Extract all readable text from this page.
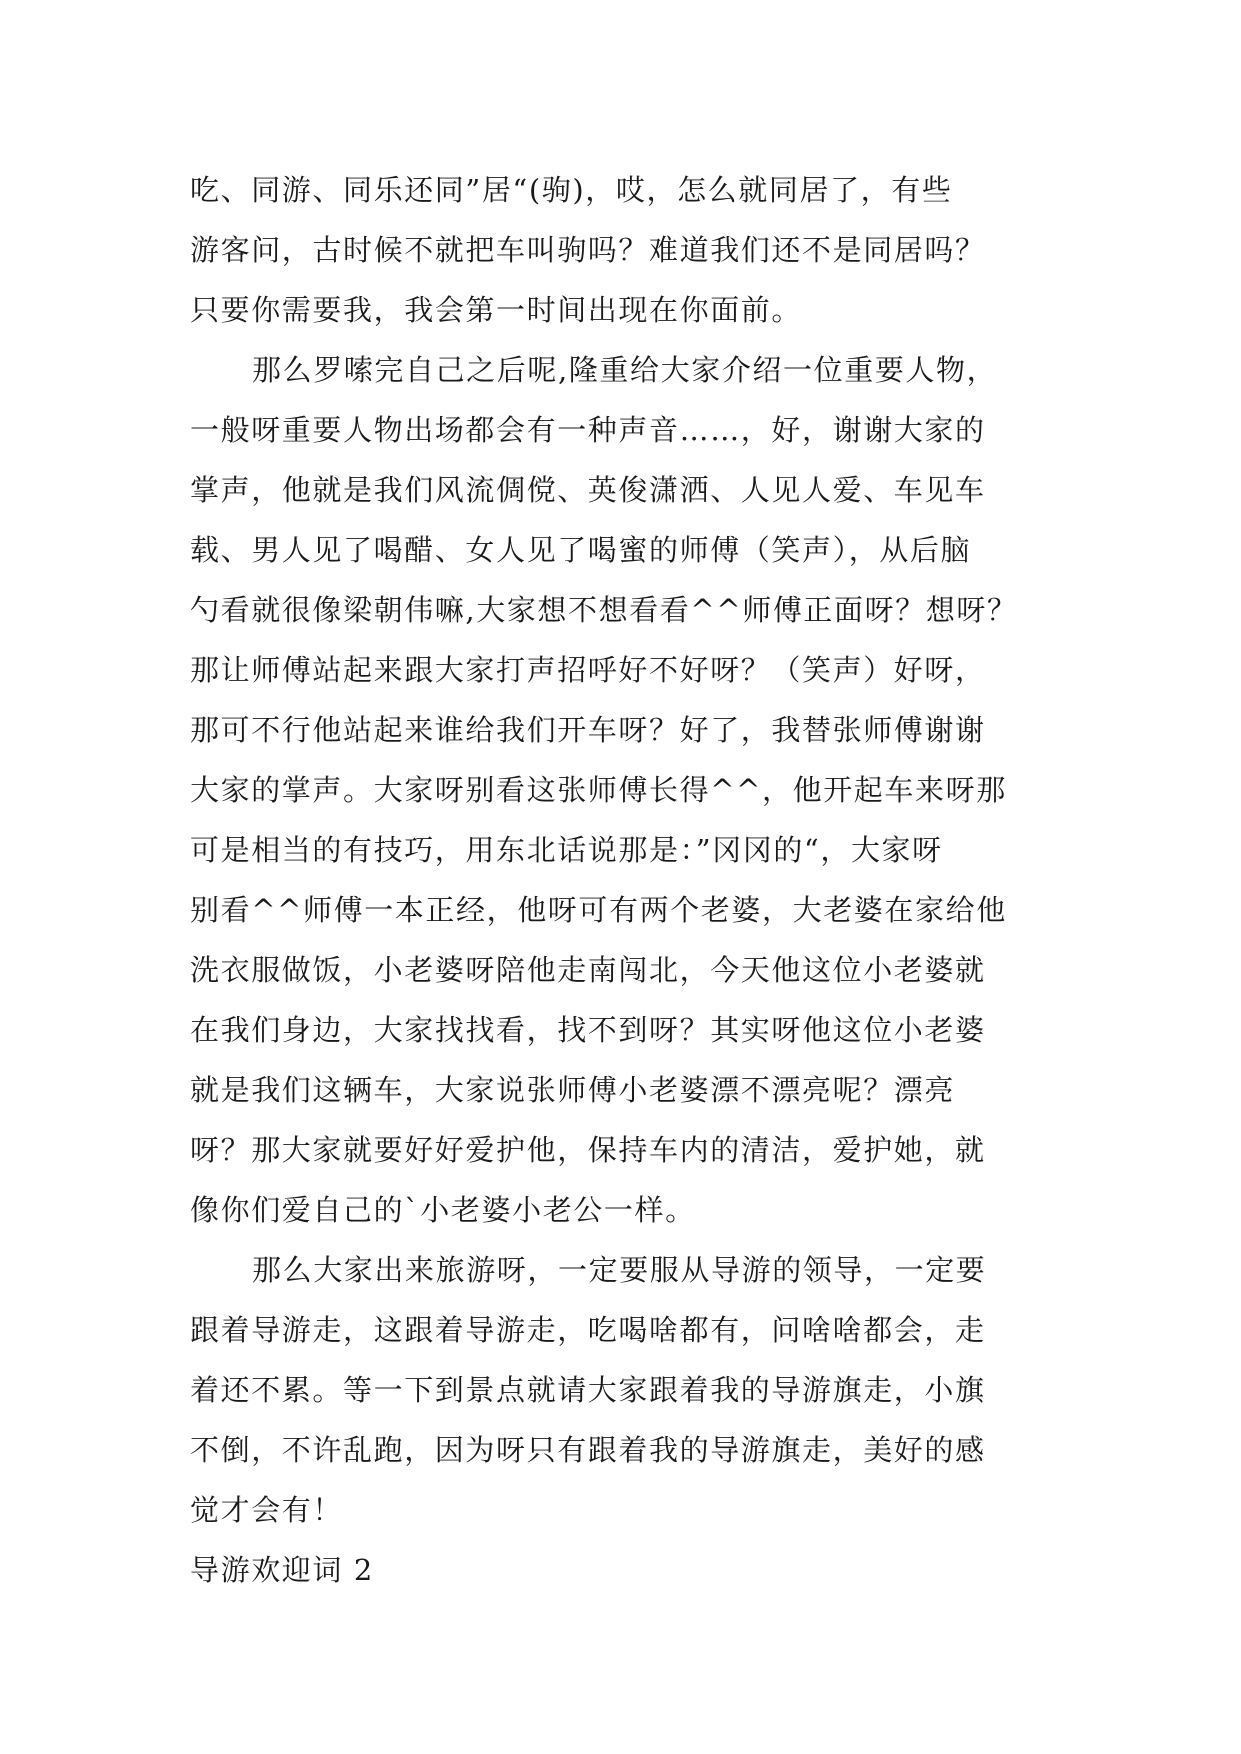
吃、同游、同乐还同”居“(驹)，哎，怎么就同居了，有些
游客问，古时候不就把车叫驹吗？难道我们还不是同居吗？
只要你需要我，我会第一时间出现在你面前。
那么罗嗦完自己之后呢,隆重给大家介绍一位重要人物，
一般呀重要人物出场都会有一种声音……，好，谢谢大家的
掌声，他就是我们风流倜傥、英俊潇洒、人见人爱、车见车
载、男人见了喝醋、女人见了喝蜜的师傅（笑声），从后脑
勺看就很像梁朝伟嘛,大家想不想看看^^师傅正面呀？想呀？
那让师傅站起来跟大家打声招呼好不好呀？（笑声）好呀，
那可不行他站起来谁给我们开车呀？好了，我替张师傅谢谢
大家的掌声。大家呀别看这张师傅长得^^，他开起车来呀那
可是相当的有技巧，用东北话说那是：”冈冈的“，大家呀
别看^^师傅一本正经，他呀可有两个老婆，大老婆在家给他
洗衣服做饭，小老婆呀陪他走南闯北，今天他这位小老婆就
在我们身边，大家找找看，找不到呀？其实呀他这位小老婆
就是我们这辆车，大家说张师傅小老婆漂不漂亮呢？漂亮
呀？那大家就要好好爱护他，保持车内的清洁，爱护她，就
像你们爱自己的`小老婆小老公一样。
那么大家出来旅游呀，一定要服从导游的领导，一定要
跟着导游走，这跟着导游走，吃喝啥都有，问啥啥都会，走
着还不累。等一下到景点就请大家跟着我的导游旗走，小旗
不倒，不许乱跑，因为呀只有跟着我的导游旗走，美好的感
觉才会有！
导游欢迎词 2
